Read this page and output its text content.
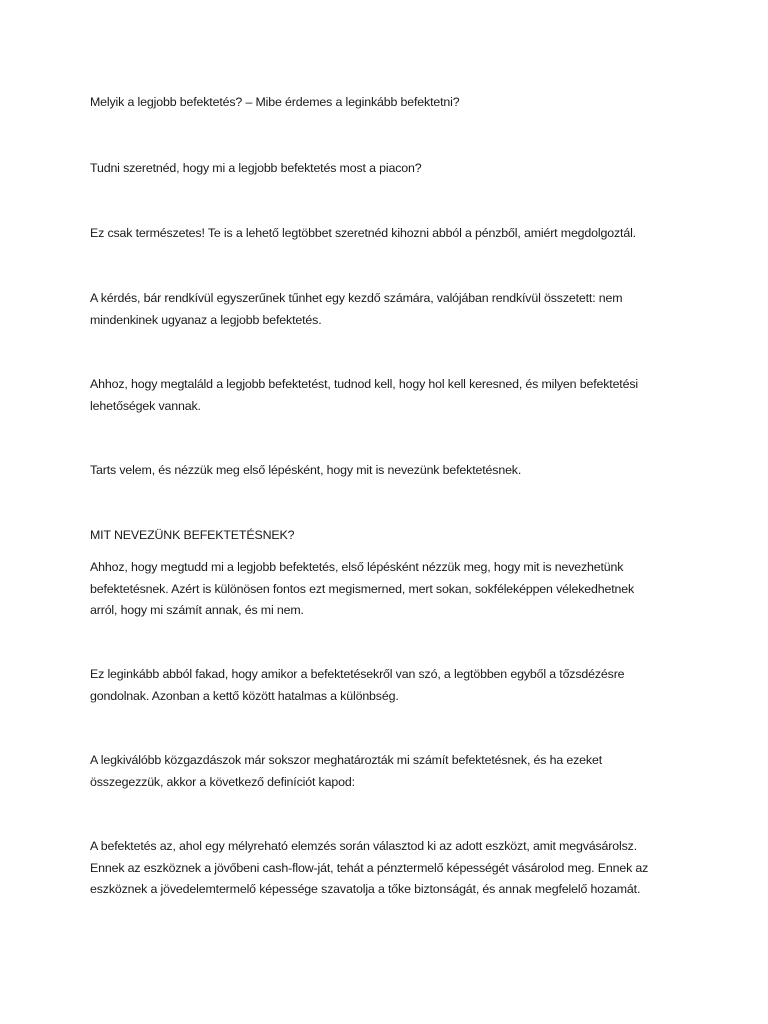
Melyik a legjobb befektetés? – Mibe érdemes a leginkább befektetni?

Tudni szeretnéd, hogy mi a legjobb befektetés most a piacon?

Ez csak természetes! Te is a lehető legtöbbet szeretnéd kihozni abból a pénzből, amiért megdolgoztál.

A kérdés, bár rendkívül egyszerűnek tűnhet egy kezdő számára, valójában rendkívül összetett: nem
mindenkinek ugyanaz a legjobb befektetés.

Ahhoz, hogy megtaláld a legjobb befektetést, tudnod kell, hogy hol kell keresned, és milyen befektetési
lehetőségek vannak.

Tarts velem, és nézzük meg első lépésként, hogy mit is nevezünk befektetésnek.

MIT NEVEZÜNK BEFEKTETÉSNEK?

Ahhoz, hogy megtudd mi a legjobb befektetés, első lépésként nézzük meg, hogy mit is nevezhetünk
befektetésnek. Azért is különösen fontos ezt megismerned, mert sokan, sokféleképpen vélekedhetnek
arról, hogy mi számít annak, és mi nem.

Ez leginkább abból fakad, hogy amikor a befektetésekről van szó, a legtöbben egyből a tőzsdézésre
gondolnak. Azonban a kettő között hatalmas a különbség.

A legkiválóbb közgazdászok már sokszor meghatározták mi számít befektetésnek, és ha ezeket
összegezzük, akkor a következő definíciót kapod:

A befektetés az, ahol egy mélyreható elemzés során választod ki az adott eszközt, amit megvásárolsz.
Ennek az eszköznek a jövőbeni cash-flow-ját, tehát a pénztermelő képességét vásárolod meg. Ennek az
eszköznek a jövedelemtermelő képessége szavatolja a tőke biztonságát, és annak megfelelő hozamát.
